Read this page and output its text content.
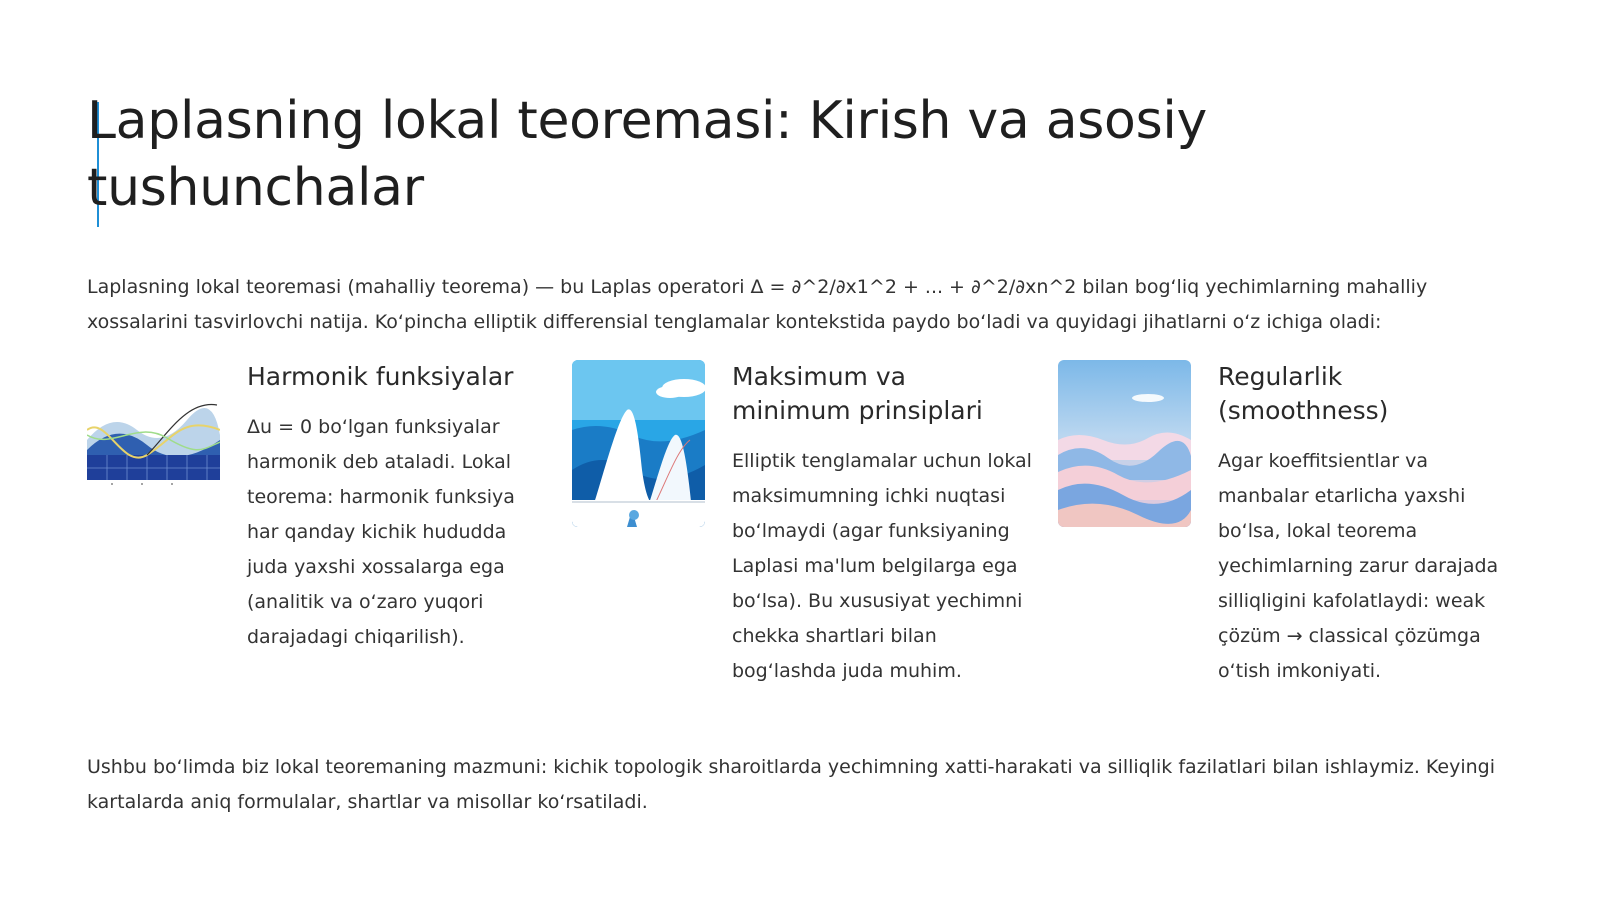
Laplasning lokal teoremasi: Kirish va asosiy tushunchalar

Laplasning lokal teoremasi (mahalliy teorema) — bu Laplas operatori Δ = ∂^2/∂x1^2 + ... + ∂^2/∂xn^2 bilan bog‘liq yechimlarning mahalliy xossalarini tasvirlovchi natija. Ko‘pincha elliptik differensial tenglamalar kontekstida paydo bo‘ladi va quyidagi jihatlarni o‘z ichiga oladi:

Harmonik funksiyalar

Δu = 0 bo‘lgan funksiyalar harmonik deb ataladi. Lokal teorema: harmonik funksiya har qanday kichik hududda juda yaxshi xossalarga ega (analitik va o‘zaro yuqori darajadagi chiqarilish).

Maksimum va minimum prinsiplari

Elliptik tenglamalar uchun lokal maksimumning ichki nuqtasi bo‘lmaydi (agar funksiyaning Laplasi ma'lum belgilarga ega bo‘lsa). Bu xususiyat yechimni chekka shartlari bilan bog‘lashda juda muhim.

Regularlik (smoothness)

Agar koeffitsientlar va manbalar etarlicha yaxshi bo‘lsa, lokal teorema yechimlarning zarur darajada silliqligini kafolatlaydi: weak çözüm → classical çözümga o‘tish imkoniyati.

Ushbu bo‘limda biz lokal teoremaning mazmuni: kichik topologik sharoitlarda yechimning xatti-harakati va silliqlik fazilatlari bilan ishlaymiz. Keyingi kartalarda aniq formulalar, shartlar va misollar ko‘rsatiladi.
